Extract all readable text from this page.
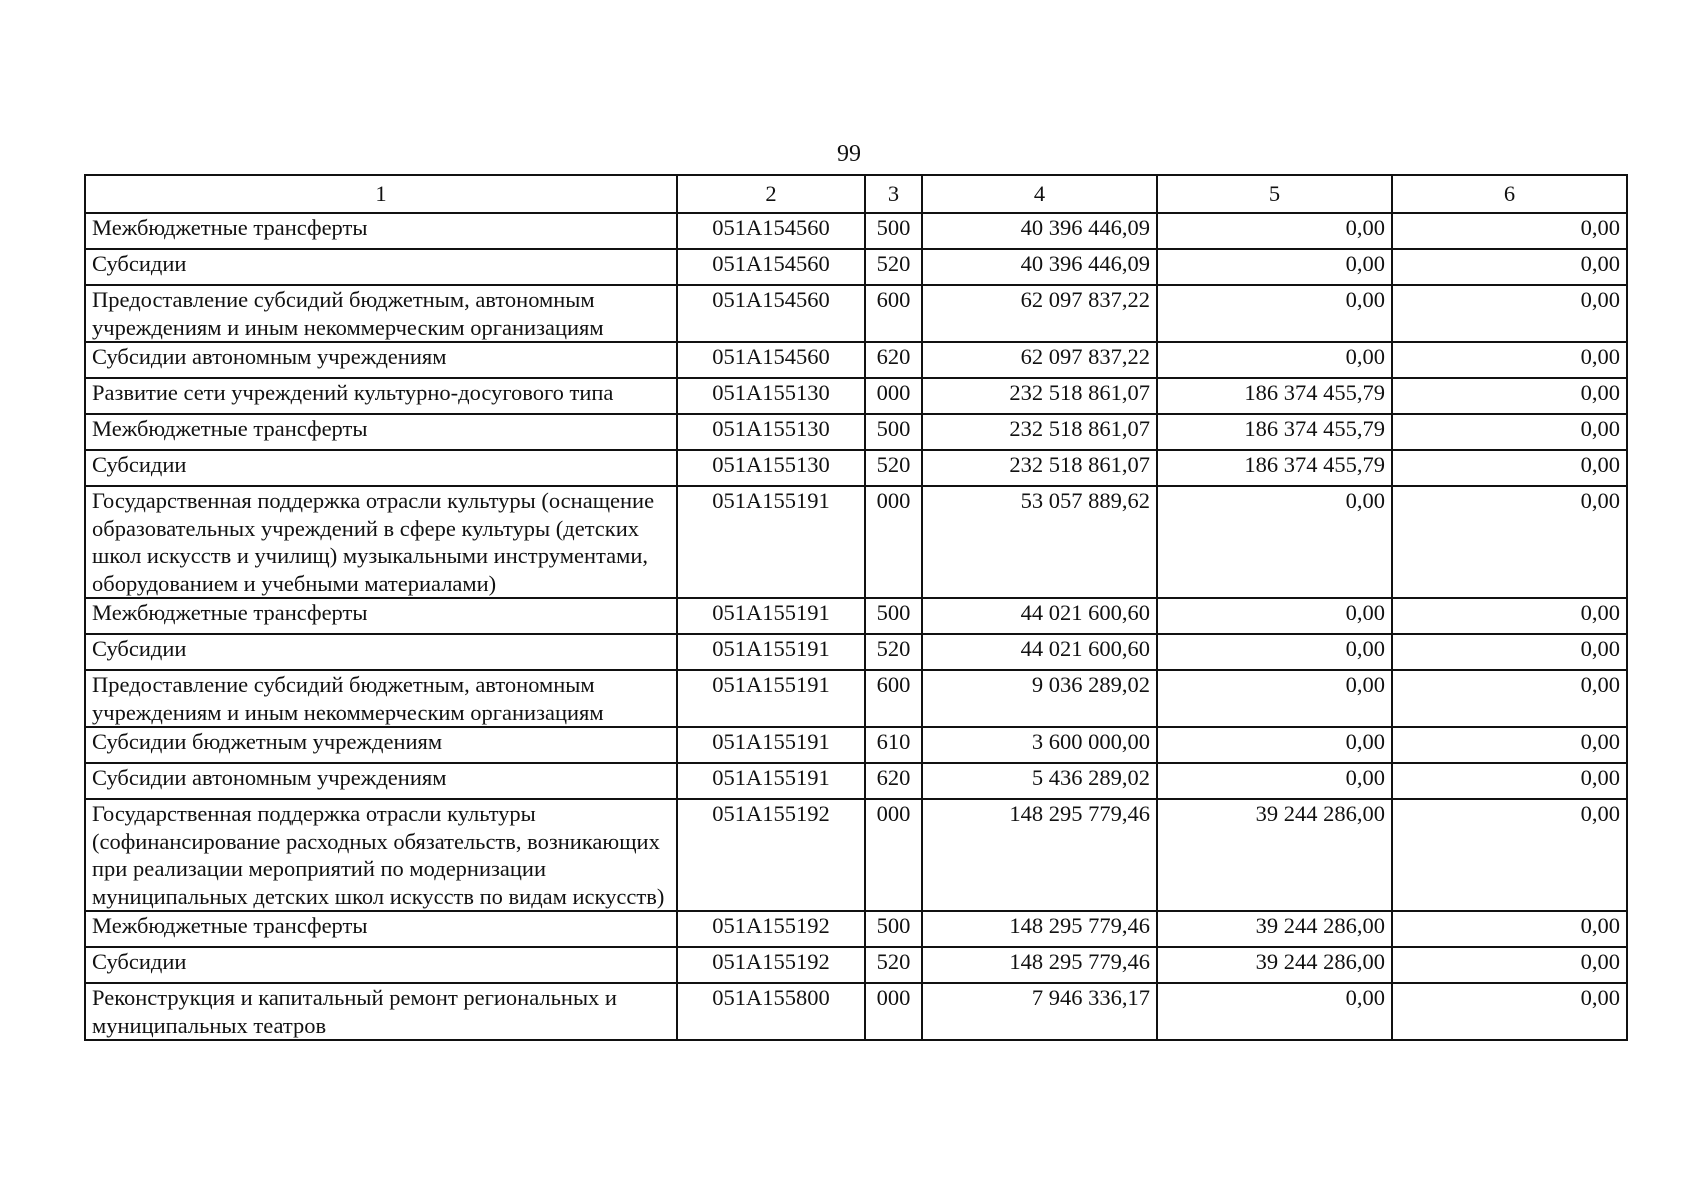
99
1	2	3	4	5	6
Межбюджетные трансферты	051A154560	500	40 396 446,09	0,00	0,00
Субсидии	051A154560	520	40 396 446,09	0,00	0,00
Предоставление субсидий бюджетным, автономным учреждениям и иным некоммерческим организациям	051A154560	600	62 097 837,22	0,00	0,00
Субсидии автономным учреждениям	051A154560	620	62 097 837,22	0,00	0,00
Развитие сети учреждений культурно-досугового типа	051A155130	000	232 518 861,07	186 374 455,79	0,00
Межбюджетные трансферты	051A155130	500	232 518 861,07	186 374 455,79	0,00
Субсидии	051A155130	520	232 518 861,07	186 374 455,79	0,00
Государственная поддержка отрасли культуры (оснащение образовательных учреждений в сфере культуры (детских школ искусств и училищ) музыкальными инструментами, оборудованием и учебными материалами)	051A155191	000	53 057 889,62	0,00	0,00
Межбюджетные трансферты	051A155191	500	44 021 600,60	0,00	0,00
Субсидии	051A155191	520	44 021 600,60	0,00	0,00
Предоставление субсидий бюджетным, автономным учреждениям и иным некоммерческим организациям	051A155191	600	9 036 289,02	0,00	0,00
Субсидии бюджетным учреждениям	051A155191	610	3 600 000,00	0,00	0,00
Субсидии автономным учреждениям	051A155191	620	5 436 289,02	0,00	0,00
Государственная поддержка отрасли культуры (софинансирование расходных обязательств, возникающих при реализации мероприятий по модернизации муниципальных детских школ искусств по видам искусств)	051A155192	000	148 295 779,46	39 244 286,00	0,00
Межбюджетные трансферты	051A155192	500	148 295 779,46	39 244 286,00	0,00
Субсидии	051A155192	520	148 295 779,46	39 244 286,00	0,00
Реконструкция и капитальный ремонт региональных и муниципальных театров	051A155800	000	7 946 336,17	0,00	0,00
